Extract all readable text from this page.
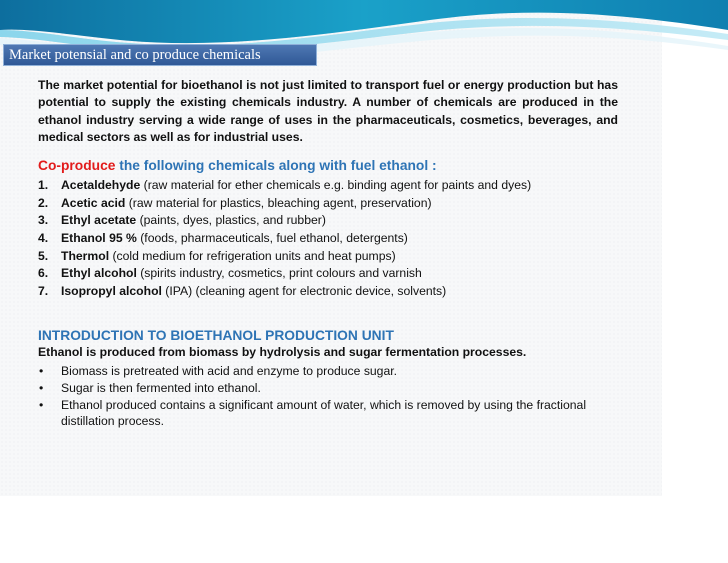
Market potensial and co produce chemicals

The market potential for bioethanol is not just limited to transport fuel or energy production but has potential to supply the existing chemicals industry. A number of chemicals are produced in the ethanol industry serving a wide range of uses in the pharmaceuticals, cosmetics, beverages, and medical sectors as well as for industrial uses.

Co-produce the following chemicals along with fuel ethanol :
1. Acetaldehyde (raw material for ether chemicals e.g. binding agent for paints and dyes)
2. Acetic acid (raw material for plastics, bleaching agent, preservation)
3. Ethyl acetate (paints, dyes, plastics, and rubber)
4. Ethanol 95 % (foods, pharmaceuticals, fuel ethanol, detergents)
5. Thermol (cold medium for refrigeration units and heat pumps)
6. Ethyl alcohol (spirits industry, cosmetics, print colours and varnish
7. Isopropyl alcohol (IPA) (cleaning agent for electronic device, solvents)
INTRODUCTION TO BIOETHANOL PRODUCTION UNIT
Ethanol is produced from biomass by hydrolysis and sugar fermentation processes.
• Biomass is pretreated with acid and enzyme to produce sugar.
• Sugar is then fermented into ethanol.
• Ethanol produced contains a significant amount of water, which is removed by using the fractional distillation process.
